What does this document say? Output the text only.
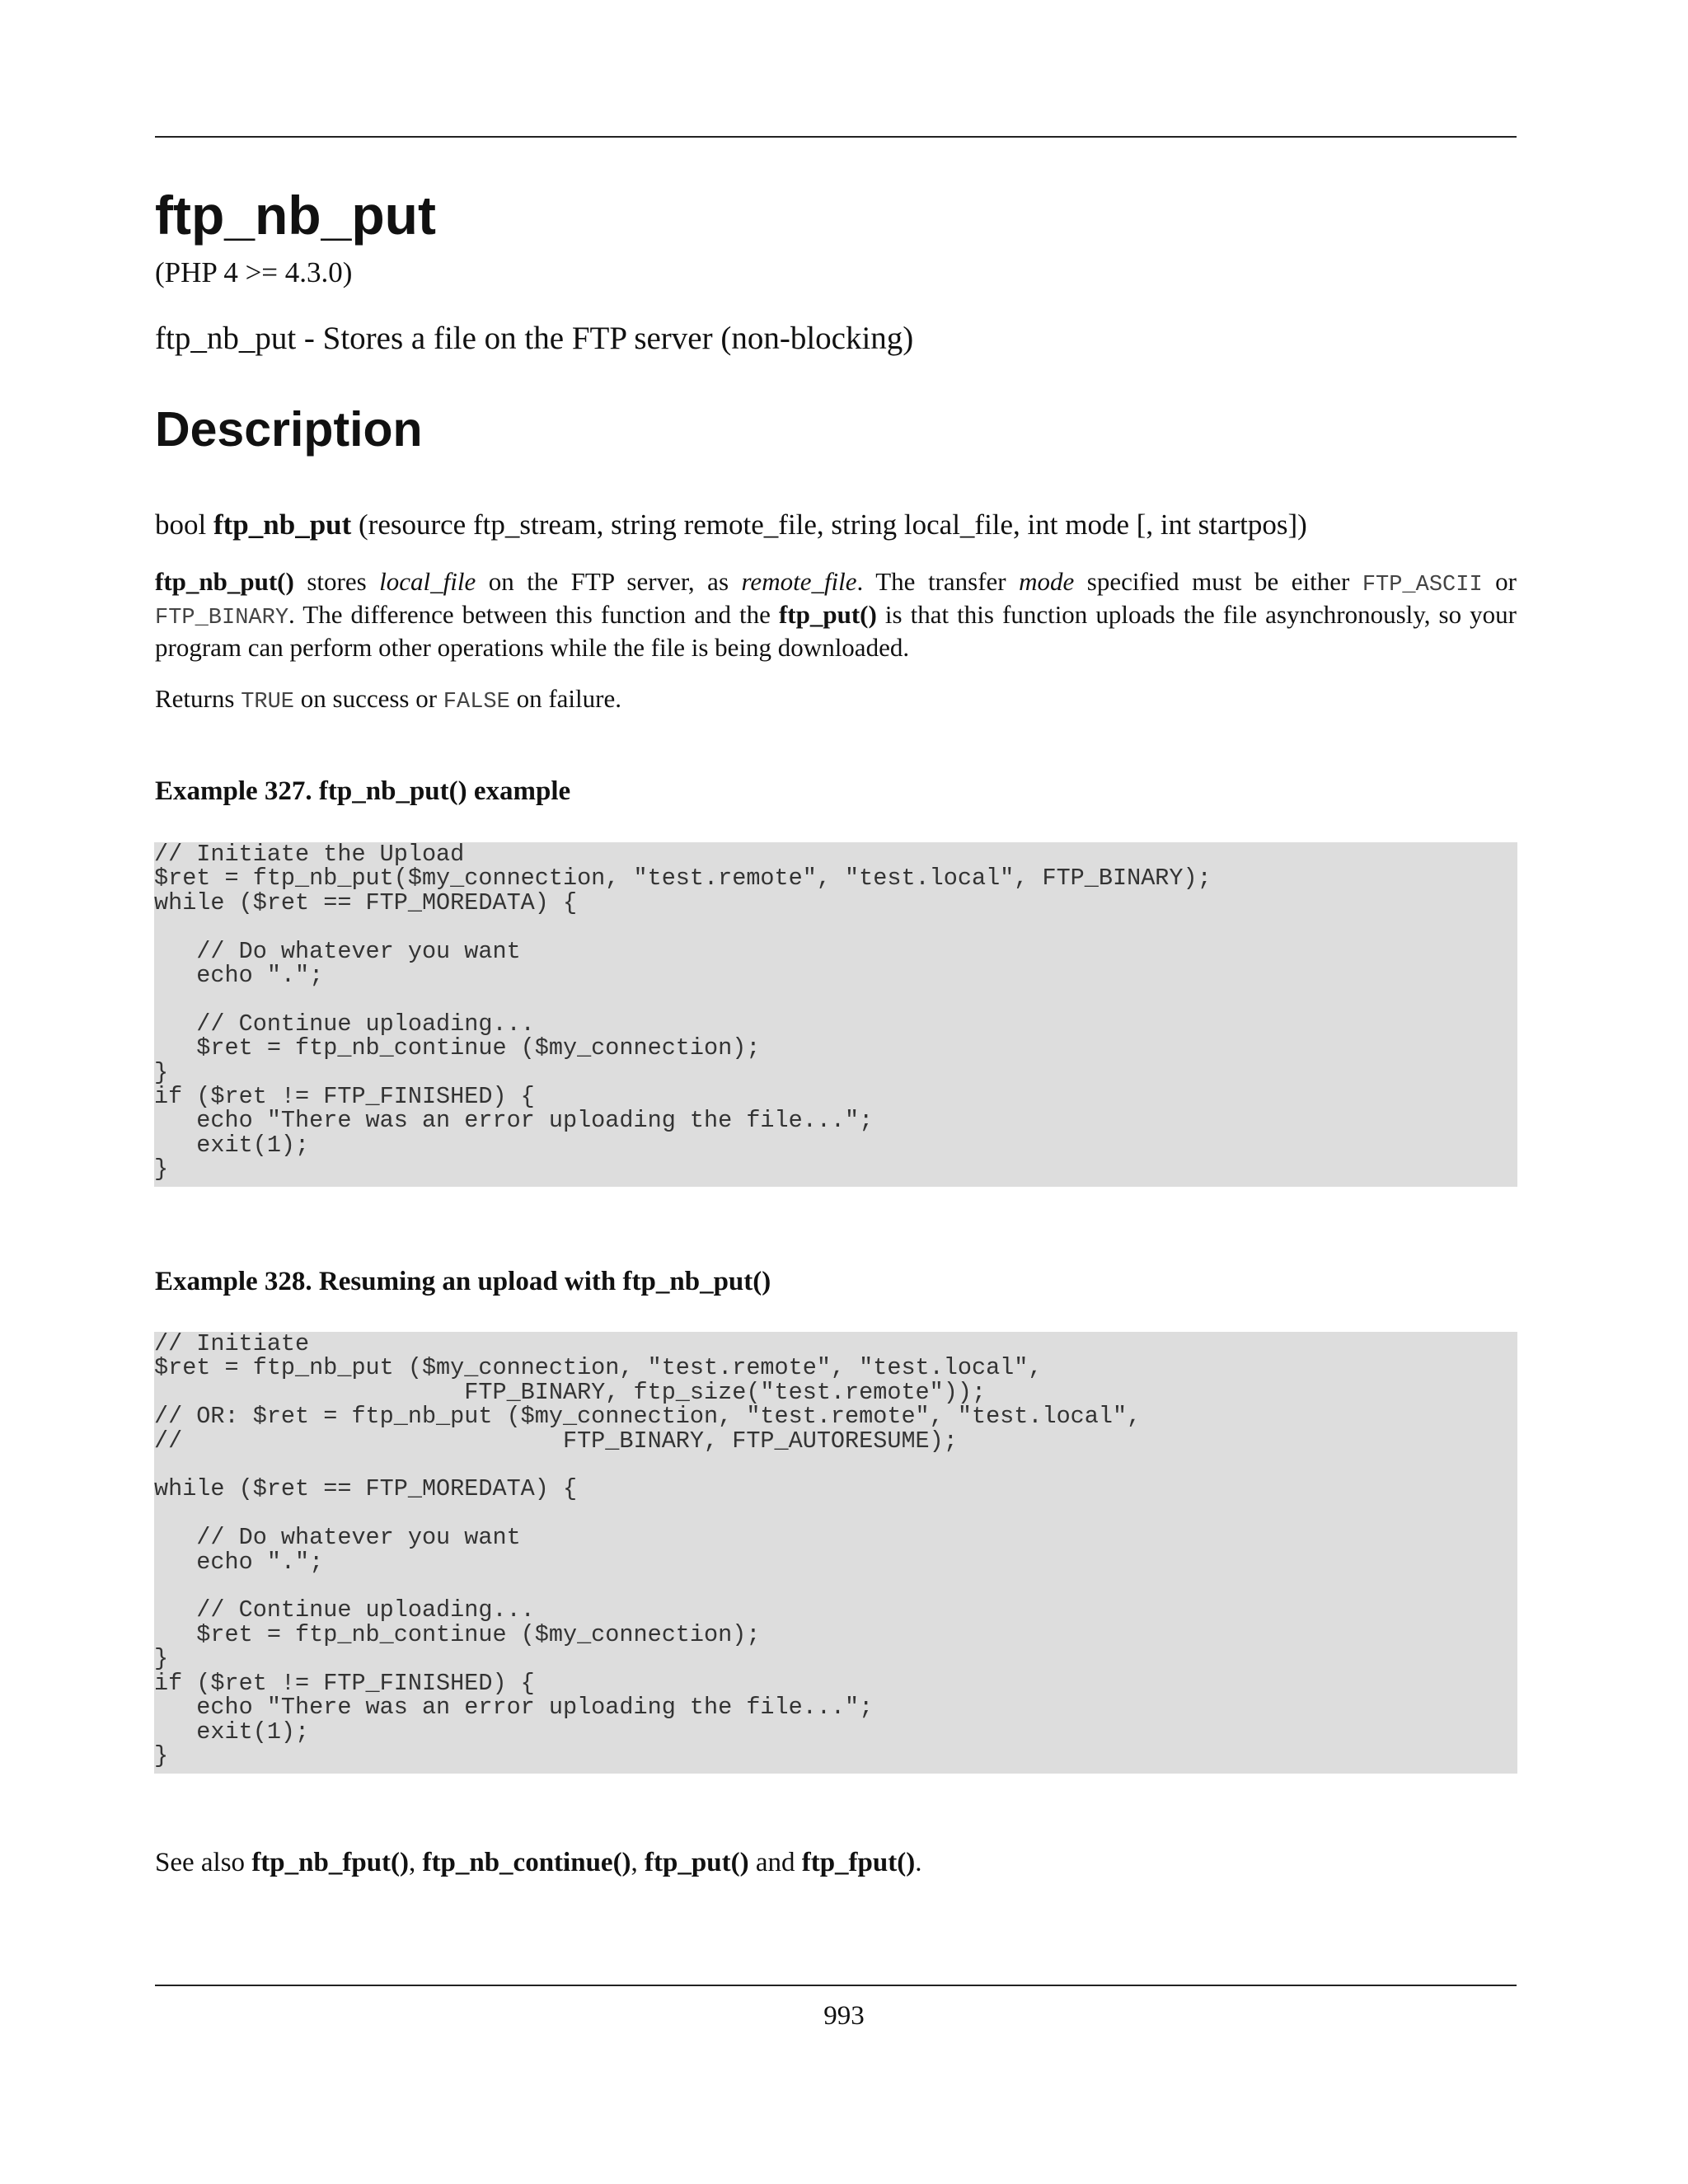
ftp_nb_put
(PHP 4 >= 4.3.0)
ftp_nb_put - Stores a file on the FTP server (non-blocking)
Description
bool ftp_nb_put (resource ftp_stream, string remote_file, string local_file, int mode [, int startpos])
ftp_nb_put() stores local_file on the FTP server, as remote_file. The transfer mode specified must be either FTP_ASCII or FTP_BINARY. The difference between this function and the ftp_put() is that this function uploads the file asynchronously, so your program can perform other operations while the file is being downloaded.
Returns TRUE on success or FALSE on failure.
Example 327. ftp_nb_put() example
// Initiate the Upload
$ret = ftp_nb_put($my_connection, "test.remote", "test.local", FTP_BINARY);
while ($ret == FTP_MOREDATA) {

// Do whatever you want
echo ".";

// Continue uploading...
$ret = ftp_nb_continue ($my_connection);
}
if ($ret != FTP_FINISHED) {
echo "There was an error uploading the file...";
exit(1);
}
Example 328. Resuming an upload with ftp_nb_put()
// Initiate
$ret = ftp_nb_put ($my_connection, "test.remote", "test.local",
FTP_BINARY, ftp_size("test.remote"));
// OR: $ret = ftp_nb_put ($my_connection, "test.remote", "test.local",
//                           FTP_BINARY, FTP_AUTORESUME);

while ($ret == FTP_MOREDATA) {

// Do whatever you want
echo ".";

// Continue uploading...
$ret = ftp_nb_continue ($my_connection);
}
if ($ret != FTP_FINISHED) {
echo "There was an error uploading the file...";
exit(1);
}
See also ftp_nb_fput(), ftp_nb_continue(), ftp_put() and ftp_fput().
993
